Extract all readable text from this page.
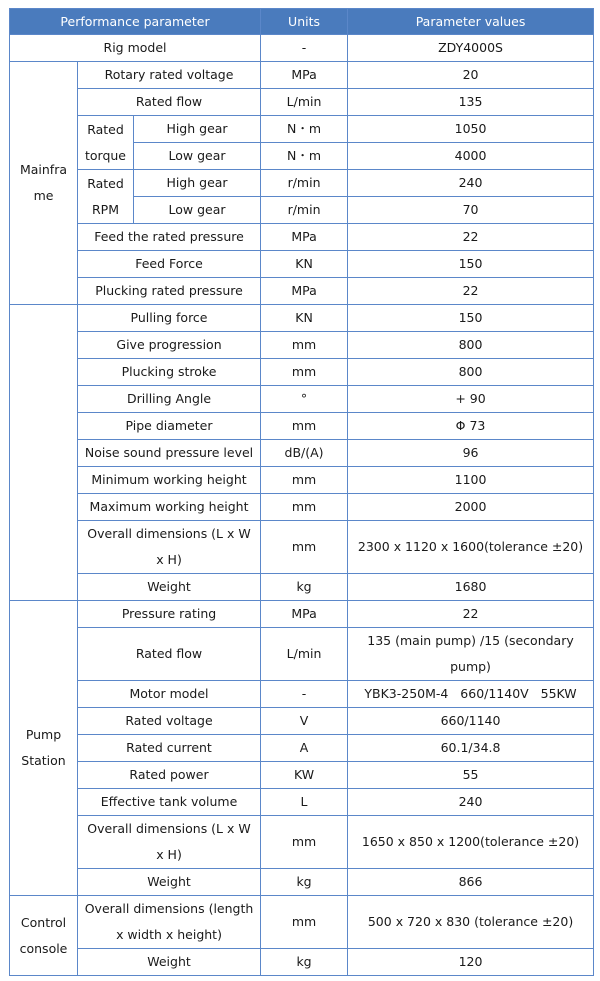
Performance parameter			Units	Parameter values
Rig model			-	ZDY4000S
Mainfra me	Rotary rated voltage		MPa	20
	Rated flow		L/min	135
	Rated torque	High gear	N・m	1050
		Low gear	N・m	4000
	Rated RPM	High gear	r/min	240
		Low gear	r/min	70
	Feed the rated pressure		MPa	22
	Feed Force		KN	150
	Plucking rated pressure		MPa	22
	Pulling force		KN	150
	Give progression		mm	800
	Plucking stroke		mm	800
	Drilling Angle		°	+ 90
	Pipe diameter		mm	Φ 73
	Noise sound pressure level		dB/(A)	96
	Minimum working height		mm	1100
	Maximum working height		mm	2000
	Overall dimensions (L x W x H)		mm	2300 x 1120 x 1600(tolerance ±20)
	Weight		kg	1680
Pump Station	Pressure rating		MPa	22
	Rated flow		L/min	135 (main pump) /15 (secondary pump)
	Motor model		-	YBK3-250M-4   660/1140V   55KW
	Rated voltage		V	660/1140
	Rated current		A	60.1/34.8
	Rated power		KW	55
	Effective tank volume		L	240
	Overall dimensions (L x W x H)		mm	1650 x 850 x 1200(tolerance ±20)
	Weight		kg	866
Control console	Overall dimensions (length x width x height)		mm	500 x 720 x 830 (tolerance ±20)
	Weight		kg	120
